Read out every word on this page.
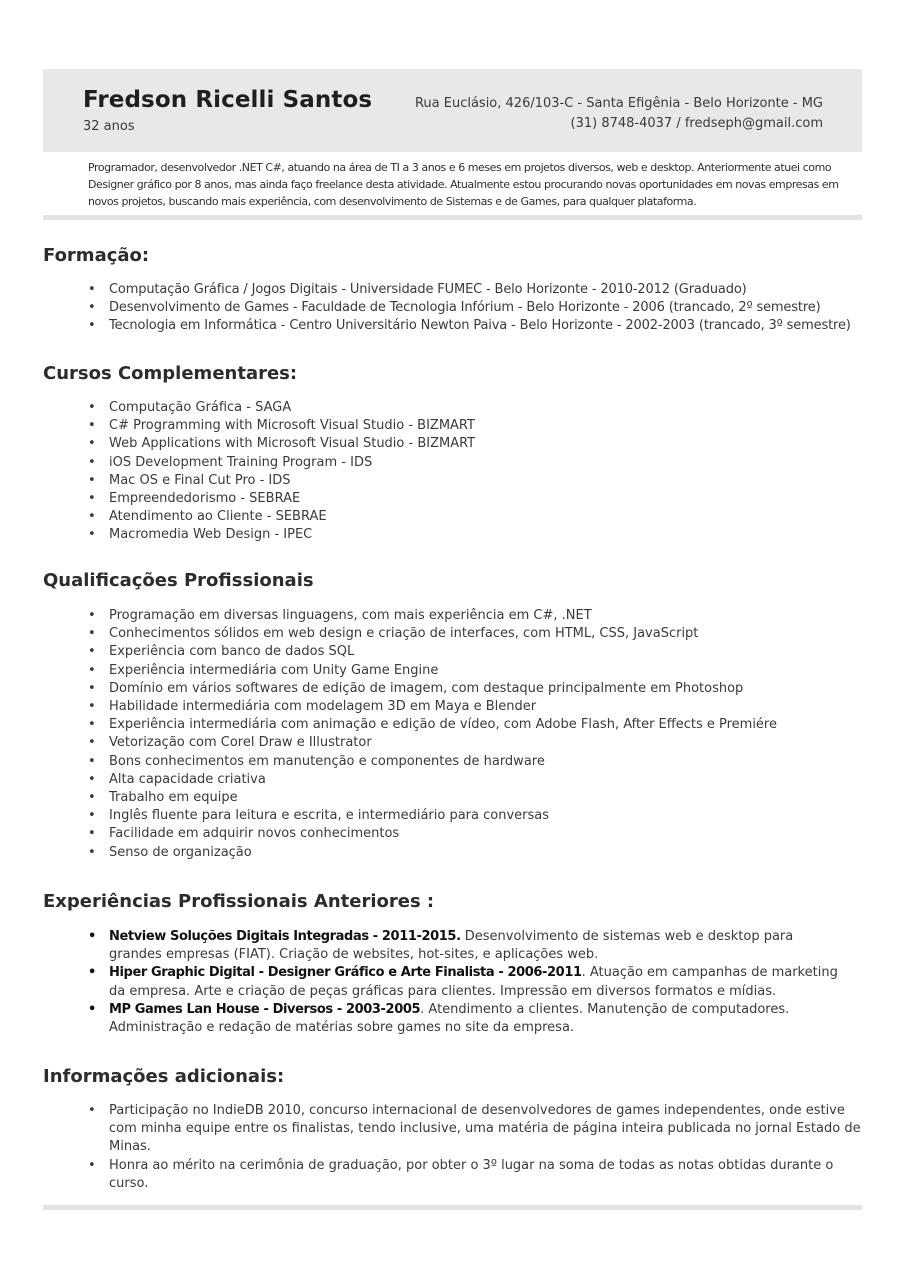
Fredson Ricelli Santos
32 anos
Rua Euclásio, 426/103-C - Santa Efigênia - Belo Horizonte - MG
(31) 8748-4037 / fredseph@gmail.com

Programador, desenvolvedor .NET C#, atuando na área de TI a 3 anos e 6 meses em projetos diversos, web e desktop. Anteriormente atuei como Designer gráfico por 8 anos, mas ainda faço freelance desta atividade. Atualmente estou procurando novas oportunidades em novas empresas em novos projetos, buscando mais experiência, com desenvolvimento de Sistemas e de Games, para qualquer plataforma.

Formação:
• Computação Gráfica / Jogos Digitais - Universidade FUMEC - Belo Horizonte - 2010-2012 (Graduado)
• Desenvolvimento de Games - Faculdade de Tecnologia Infórium - Belo Horizonte - 2006 (trancado, 2º semestre)
• Tecnologia em Informática - Centro Universitário Newton Paiva - Belo Horizonte - 2002-2003 (trancado, 3º semestre)
Cursos Complementares:
• Computação Gráfica - SAGA
• C# Programming with Microsoft Visual Studio - BIZMART
• Web Applications with Microsoft Visual Studio - BIZMART
• iOS Development Training Program - IDS
• Mac OS e Final Cut Pro - IDS
• Empreendedorismo - SEBRAE
• Atendimento ao Cliente - SEBRAE
• Macromedia Web Design - IPEC
Qualificações Profissionais
• Programação em diversas linguagens, com mais experiência em C#, .NET
• Conhecimentos sólidos em web design e criação de interfaces, com HTML, CSS, JavaScript
• Experiência com banco de dados SQL
• Experiência intermediária com Unity Game Engine
• Domínio em vários softwares de edição de imagem, com destaque principalmente em Photoshop
• Habilidade intermediária com modelagem 3D em Maya e Blender
• Experiência intermediária com animação e edição de vídeo, com Adobe Flash, After Effects e Premiére
• Vetorização com Corel Draw e Illustrator
• Bons conhecimentos em manutenção e componentes de hardware
• Alta capacidade criativa
• Trabalho em equipe
• Inglês fluente para leitura e escrita, e intermediário para conversas
• Facilidade em adquirir novos conhecimentos
• Senso de organização
Experiências Profissionais Anteriores :
• Netview Soluções Digitais Integradas - 2011-2015. Desenvolvimento de sistemas web e desktop para grandes empresas (FIAT). Criação de websites, hot-sites, e aplicações web.
• Hiper Graphic Digital - Designer Gráfico e Arte Finalista - 2006-2011. Atuação em campanhas de marketing da empresa. Arte e criação de peças gráficas para clientes. Impressão em diversos formatos e mídias.
• MP Games Lan House - Diversos - 2003-2005. Atendimento a clientes. Manutenção de computadores. Administração e redação de matérias sobre games no site da empresa.
Informações adicionais:
• Participação no IndieDB 2010, concurso internacional de desenvolvedores de games independentes, onde estive com minha equipe entre os finalistas, tendo inclusive, uma matéria de página inteira publicada no jornal Estado de Minas.
• Honra ao mérito na cerimônia de graduação, por obter o 3º lugar na soma de todas as notas obtidas durante o curso.
